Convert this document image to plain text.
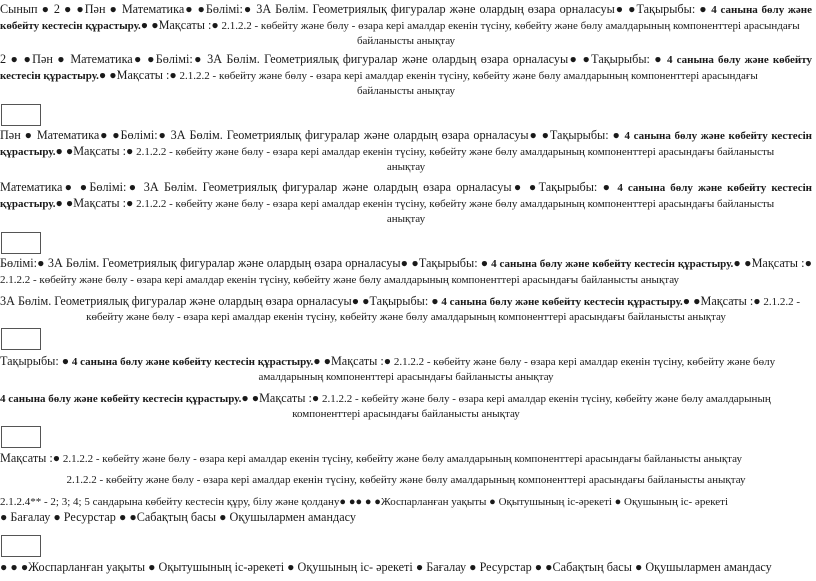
Сынып ● 2 ● ●Пән ● Математика● ●Бөлімі:● 3А Бөлім. Геометриялық фигуралар және олардың өзара орналасуы● ●Тақырыбы: ● 4 санына бөлу және көбейту кестесін құрастыру.● ●Мақсаты :● 2.1.2.2 - көбейту және бөлу - өзара кері амалдар екенін түсіну, көбейту және бөлу амалдарының компоненттері арасындағы
байланысты анықтау
2 ● ●Пән ● Математика● ●Бөлімі:● 3А Бөлім. Геометриялық фигуралар және олардың өзара орналасуы● ●Тақырыбы: ● 4 санына бөлу және көбейту кестесін құрастыру.● ●Мақсаты :● 2.1.2.2 - көбейту және бөлу - өзара кері амалдар екенін түсіну, көбейту және бөлу амалдарының компоненттері арасындағы
байланысты анықтау
Пән ● Математика● ●Бөлімі:● 3А Бөлім. Геометриялық фигуралар және олардың өзара орналасуы● ●Тақырыбы: ● 4 санына бөлу және көбейту кестесін құрастыру.● ●Мақсаты :● 2.1.2.2 - көбейту және бөлу - өзара кері амалдар екенін түсіну, көбейту және бөлу амалдарының компоненттері арасындағы байланысты
анықтау
Математика● ●Бөлімі:● 3А Бөлім. Геометриялық фигуралар және олардың өзара орналасуы● ●Тақырыбы: ● 4 санына бөлу және көбейту кестесін құрастыру.● ●Мақсаты :● 2.1.2.2 - көбейту және бөлу - өзара кері амалдар екенін түсіну, көбейту және бөлу амалдарының компоненттері арасындағы байланысты
анықтау
Бөлімі:● 3А Бөлім. Геометриялық фигуралар және олардың өзара орналасуы● ●Тақырыбы: ● 4 санына бөлу және көбейту кестесін құрастыру.● ●Мақсаты :● 2.1.2.2 - көбейту және бөлу - өзара кері амалдар екенін түсіну, көбейту және бөлу амалдарының компоненттері арасындағы байланысты анықтау
3А Бөлім. Геометриялық фигуралар және олардың өзара орналасуы● ●Тақырыбы: ● 4 санына бөлу және көбейту кестесін құрастыру.● ●Мақсаты :● 2.1.2.2 -
көбейту және бөлу - өзара кері амалдар екенін түсіну, көбейту және бөлу амалдарының компоненттері арасындағы байланысты анықтау
Тақырыбы: ● 4 санына бөлу және көбейту кестесін құрастыру.● ●Мақсаты :● 2.1.2.2 - көбейту және бөлу - өзара кері амалдар екенін түсіну, көбейту және бөлу
амалдарының компоненттері арасындағы байланысты анықтау
4 санына бөлу және көбейту кестесін құрастыру.● ●Мақсаты :● 2.1.2.2 - көбейту және бөлу - өзара кері амалдар екенін түсіну, көбейту және бөлу амалдарының
компоненттері арасындағы байланысты анықтау
Мақсаты :● 2.1.2.2 - көбейту және бөлу - өзара кері амалдар екенін түсіну, көбейту және бөлу амалдарының компоненттері арасындағы байланысты анықтау
2.1.2.2 - көбейту және бөлу - өзара кері амалдар екенін түсіну, көбейту және бөлу амалдарының компоненттері арасындағы байланысты анықтау
2.1.2.4** - 2; 3; 4; 5 сандарына көбейту кестесін құру, білу және қолдану● ●● ● ●Жоспарланған уақыты ● Оқытушының іс-әрекеті ● Оқушының іс- әрекеті
● Бағалау ● Ресурстар ● ●Сабақтың басы ● Оқушылармен амандасу
● ● ●Жоспарланған уақыты ● Оқытушының іс-әрекеті ● Оқушының іс- әрекеті ● Бағалау ● Ресурстар ● ●Сабақтың басы ● Оқушылармен амандасу
